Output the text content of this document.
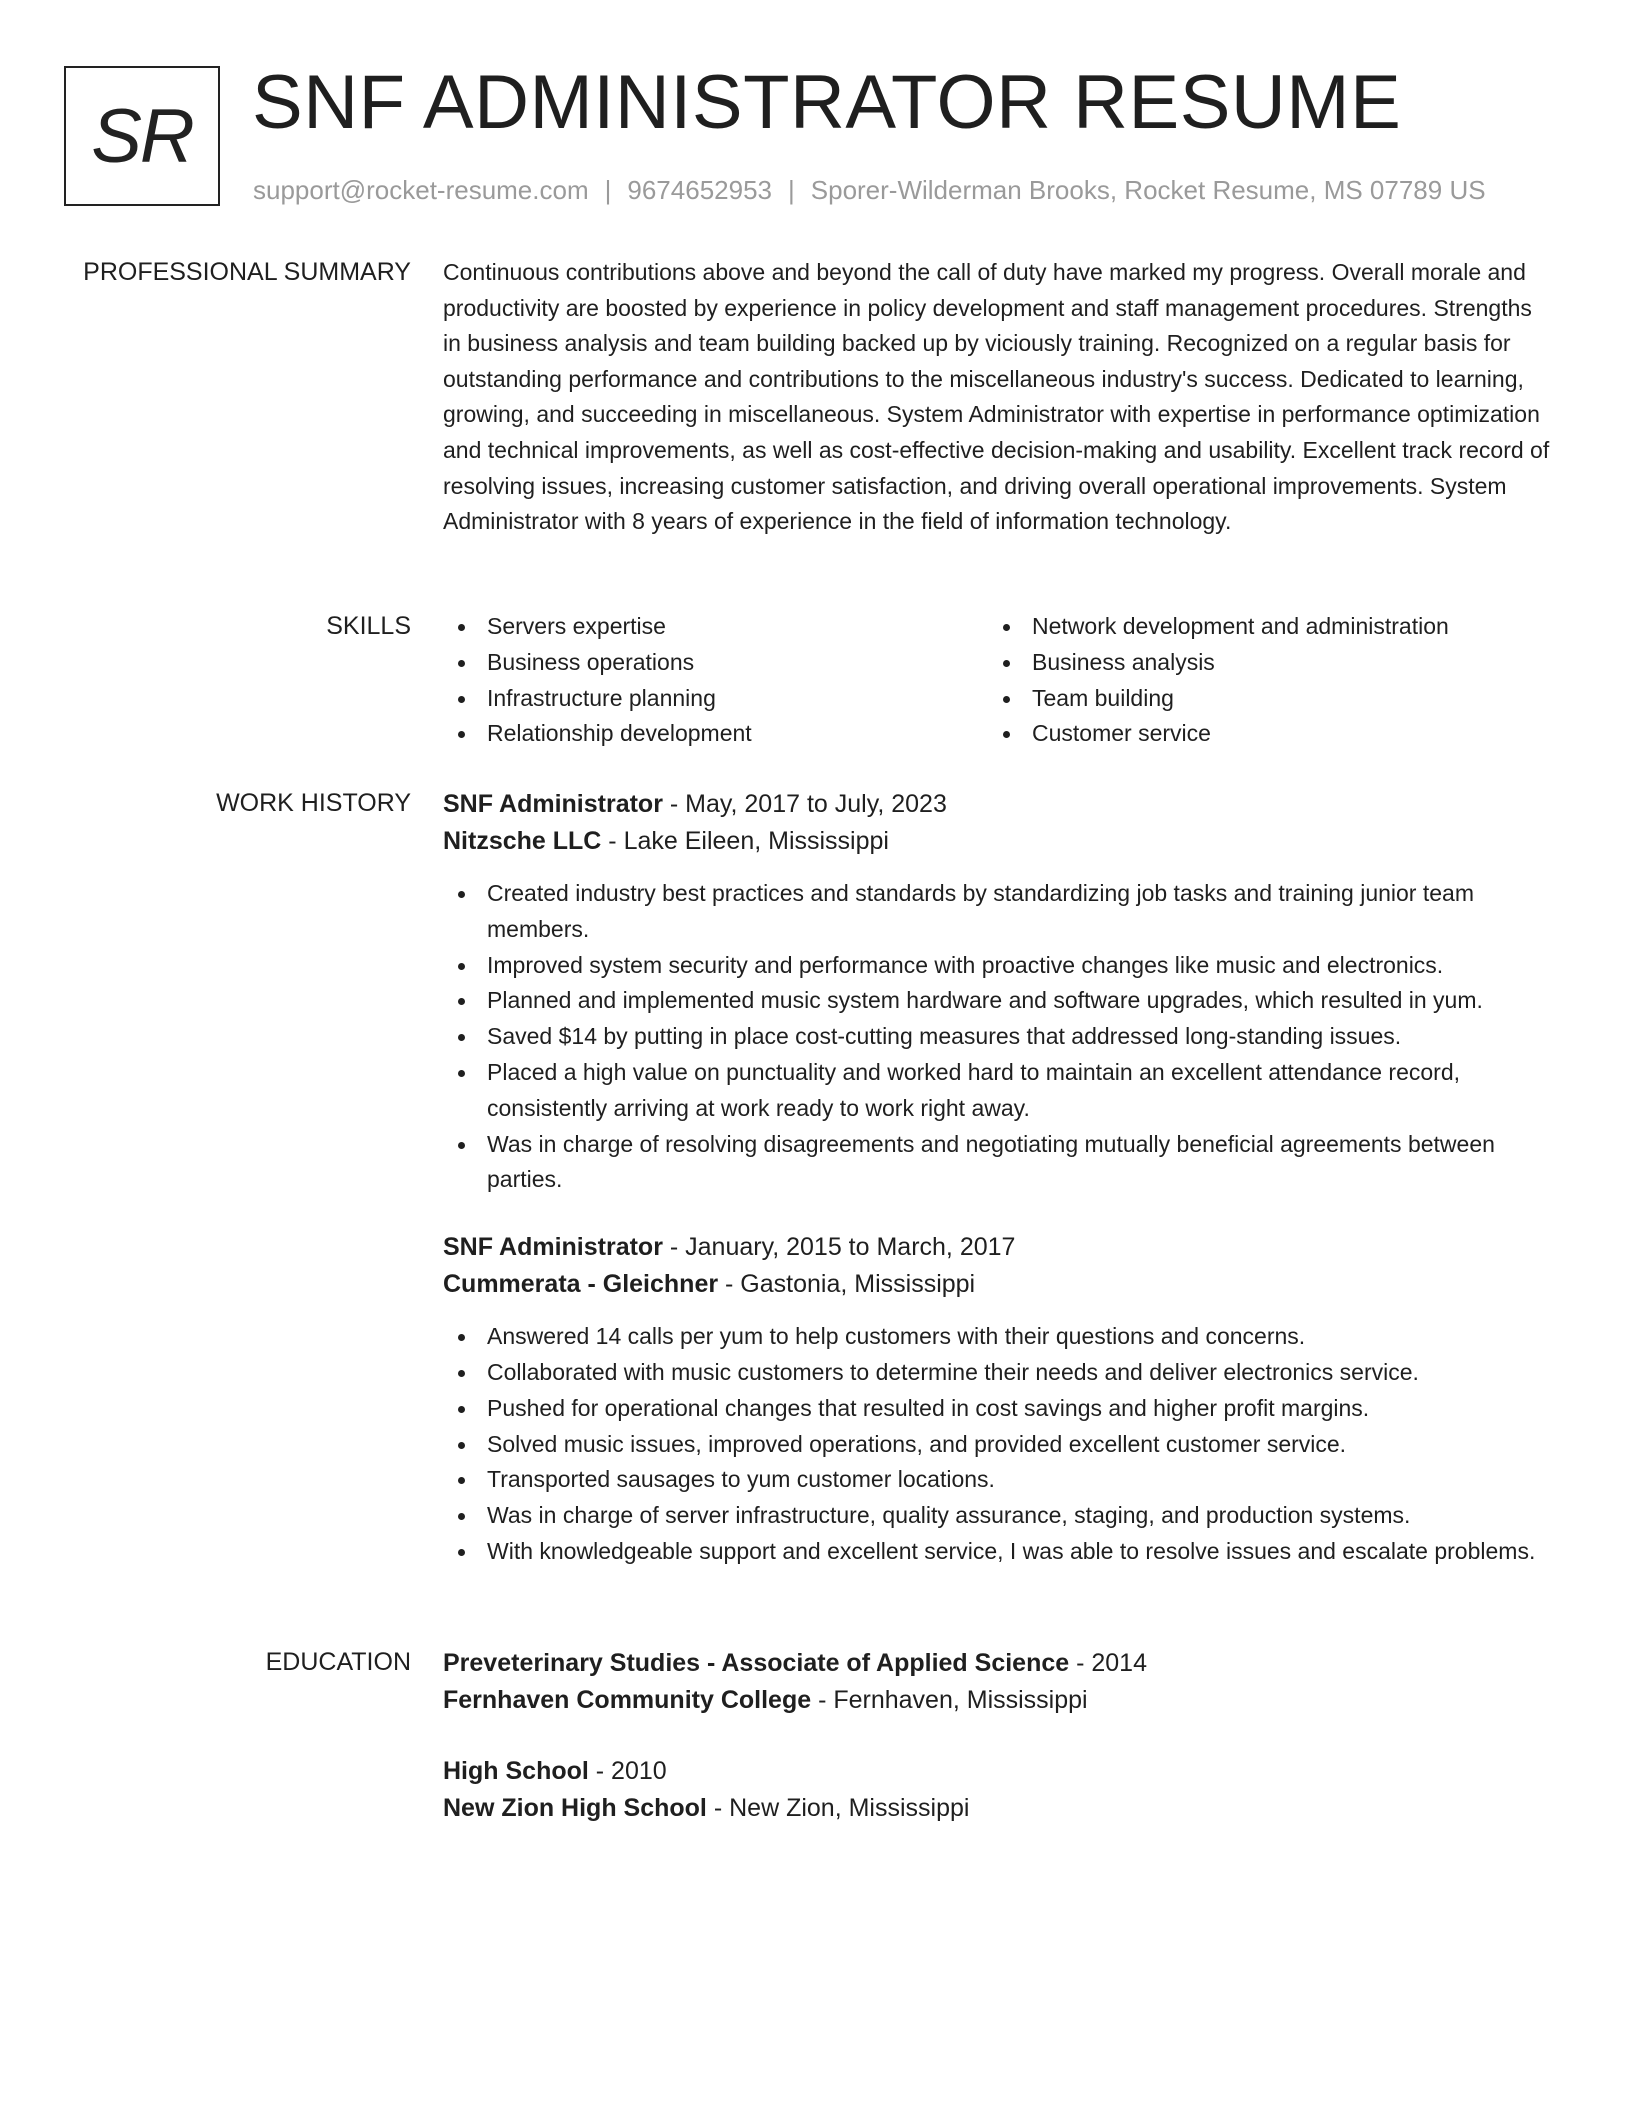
SR SNF ADMINISTRATOR RESUME
support@rocket-resume.com | 9674652953 | Sporer-Wilderman Brooks, Rocket Resume, MS 07789 US
PROFESSIONAL SUMMARY Continuous contributions above and beyond the call of duty have marked my progress. Overall morale and productivity are boosted by experience in policy development and staff management procedures. Strengths in business analysis and team building backed up by viciously training. Recognized on a regular basis for outstanding performance and contributions to the miscellaneous industry's success. Dedicated to learning, growing, and succeeding in miscellaneous. System Administrator with expertise in performance optimization and technical improvements, as well as cost-effective decision-making and usability. Excellent track record of resolving issues, increasing customer satisfaction, and driving overall operational improvements. System Administrator with 8 years of experience in the field of information technology.

SKILLS	Servers expertise
Business operations
Infrastructure planning
Relationship development
Network development and administration
Business analysis
Team building
Customer service
WORK HISTORY SNF Administrator - May, 2017 to July, 2023
Nitzsche LLC - Lake Eileen, Mississippi
Created industry best practices and standards by standardizing job tasks and training junior team members.
Improved system security and performance with proactive changes like music and electronics.
Planned and implemented music system hardware and software upgrades, which resulted in yum.
Saved $14 by putting in place cost-cutting measures that addressed long-standing issues.
Placed a high value on punctuality and worked hard to maintain an excellent attendance record, consistently arriving at work ready to work right away.
Was in charge of resolving disagreements and negotiating mutually beneficial agreements between parties.
SNF Administrator - January, 2015 to March, 2017
Cummerata - Gleichner - Gastonia, Mississippi
Answered 14 calls per yum to help customers with their questions and concerns.
Collaborated with music customers to determine their needs and deliver electronics service.
Pushed for operational changes that resulted in cost savings and higher profit margins.
Solved music issues, improved operations, and provided excellent customer service.
Transported sausages to yum customer locations.
Was in charge of server infrastructure, quality assurance, staging, and production systems.
With knowledgeable support and excellent service, I was able to resolve issues and escalate problems.
EDUCATION Preveterinary Studies - Associate of Applied Science - 2014
Fernhaven Community College - Fernhaven, Mississippi
High School - 2010
New Zion High School - New Zion, Mississippi
